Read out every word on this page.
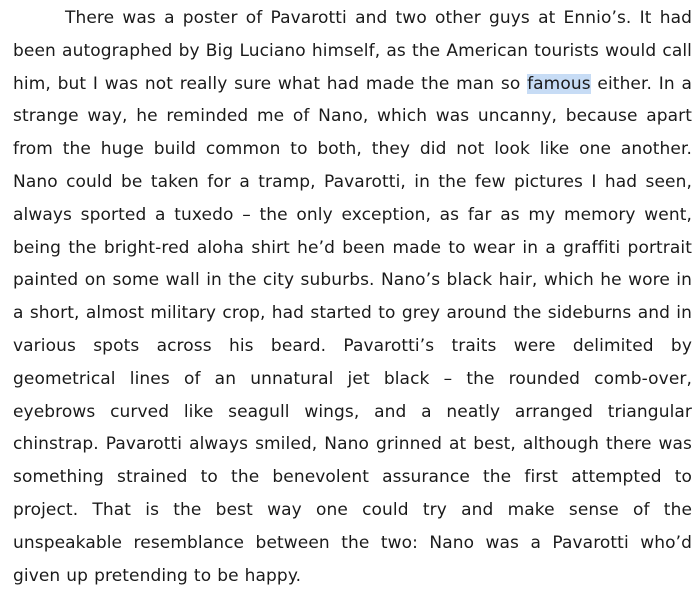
There was a poster of Pavarotti and two other guys at Ennio’s. It had been autographed by Big Luciano himself, as the American tourists would call him, but I was not really sure what had made the man so famous either. In a strange way, he reminded me of Nano, which was uncanny, because apart from the huge build common to both, they did not look like one another. Nano could be taken for a tramp, Pavarotti, in the few pictures I had seen, always sported a tuxedo – the only exception, as far as my memory went, being the bright-red aloha shirt he’d been made to wear in a graffiti portrait painted on some wall in the city suburbs. Nano’s black hair, which he wore in a short, almost military crop, had started to grey around the sideburns and in various spots across his beard. Pavarotti’s traits were delimited by geometrical lines of an unnatural jet black – the rounded comb-over, eyebrows curved like seagull wings, and a neatly arranged triangular chinstrap. Pavarotti always smiled, Nano grinned at best, although there was something strained to the benevolent assurance the first attempted to project. That is the best way one could try and make sense of the unspeakable resemblance between the two: Nano was a Pavarotti who’d given up pretending to be happy.
